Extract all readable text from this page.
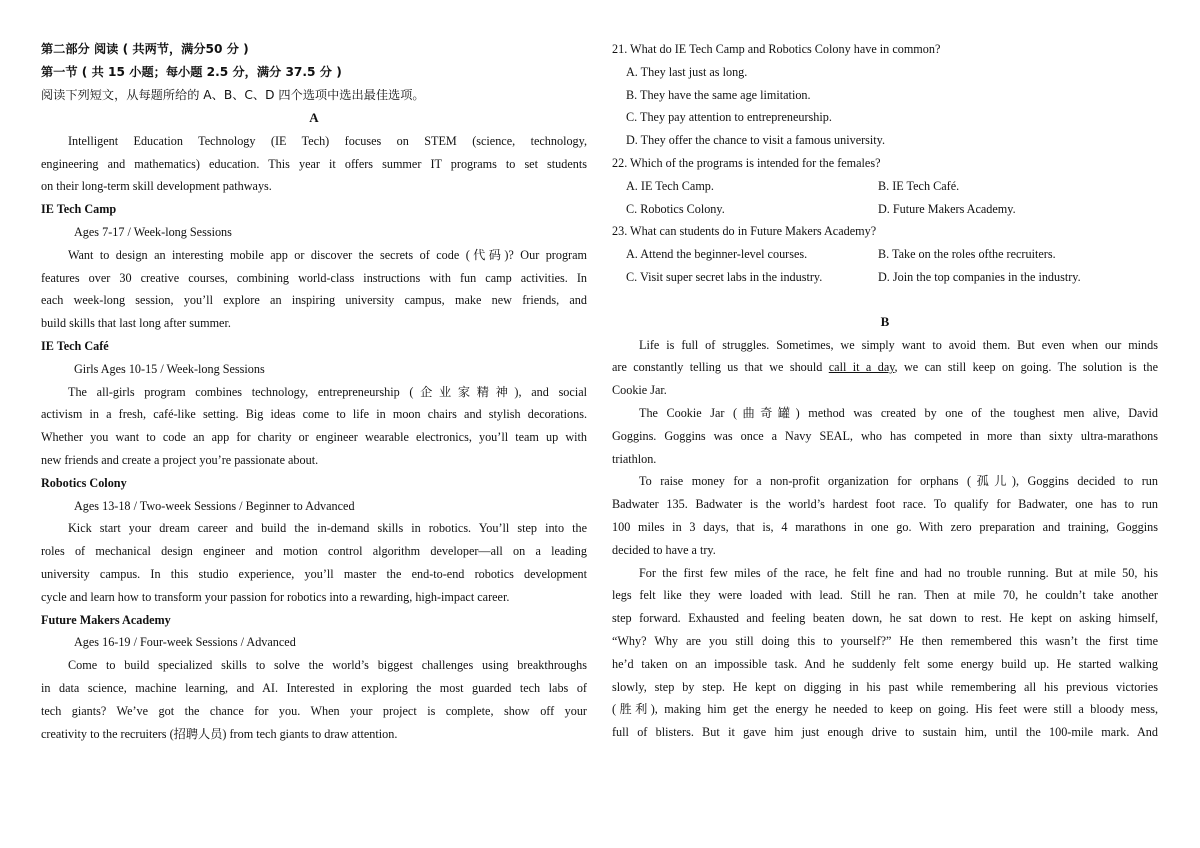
第二部分 阅读 ( 共两节，满分50 分 )
第一节 ( 共 15 小题；每小题 2.5 分，满分 37.5 分 )
阅读下列短文，从每题所给的 A、B、C、D 四个选项中选出最佳选项。
A
Intelligent Education Technology (IE Tech) focuses on STEM (science, technology,
engineering and mathematics) education. This year it offers summer IT programs to set students
on their long-term skill development pathways.
IE Tech Camp
Ages 7-17 / Week-long Sessions
Want to design an interesting mobile app or discover the secrets of code (代码)? Our program
features over 30 creative courses, combining world-class instructions with fun camp activities. In
each week-long session, you’ll explore an inspiring university campus, make new friends, and
build skills that last long after summer.
IE Tech Café
Girls Ages 10-15 / Week-long Sessions
The all-girls program combines technology, entrepreneurship (企业家精神), and social
activism in a fresh, café-like setting. Big ideas come to life in moon chairs and stylish decorations.
Whether you want to code an app for charity or engineer wearable electronics, you’ll team up with
new friends and create a project you’re passionate about.
Robotics Colony
Ages 13-18 / Two-week Sessions / Beginner to Advanced
Kick start your dream career and build the in-demand skills in robotics. You’ll step into the
roles of mechanical design engineer and motion control algorithm developer—all on a leading
university campus. In this studio experience, you’ll master the end-to-end robotics development
cycle and learn how to transform your passion for robotics into a rewarding, high-impact career.
Future Makers Academy
Ages 16-19 / Four-week Sessions / Advanced
Come to build specialized skills to solve the world’s biggest challenges using breakthroughs
in data science, machine learning, and AI. Interested in exploring the most guarded tech labs of
tech giants? We’ve got the chance for you. When your project is complete, show off your
creativity to the recruiters (招聘人员) from tech giants to draw attention.
21. What do IE Tech Camp and Robotics Colony have in common?
A. They last just as long.
B. They have the same age limitation.
C. They pay attention to entrepreneurship.
D. They offer the chance to visit a famous university.
22. Which of the programs is intended for the females?
A. IE Tech Camp.	B. IE Tech Café.
C. Robotics Colony.	D. Future Makers Academy.
23. What can students do in Future Makers Academy?
A. Attend the beginner-level courses.	B. Take on the roles ofthe recruiters.
C. Visit super secret labs in the industry.	D. Join the top companies in the industry.
B
Life is full of struggles. Sometimes, we simply want to avoid them. But even when our minds
are constantly telling us that we should call it a day, we can still keep on going. The solution is the
Cookie Jar.
The Cookie Jar (曲奇罐) method was created by one of the toughest men alive, David
Goggins. Goggins was once a Navy SEAL, who has competed in more than sixty ultra-marathons
triathlon.
To raise money for a non-profit organization for orphans (孤儿), Goggins decided to run
Badwater 135. Badwater is the world’s hardest foot race. To qualify for Badwater, one has to run
100 miles in 3 days, that is, 4 marathons in one go. With zero preparation and training, Goggins
decided to have a try.
For the first few miles of the race, he felt fine and had no trouble running. But at mile 50, his
legs felt like they were loaded with lead. Still he ran. Then at mile 70, he couldn’t take another
step forward. Exhausted and feeling beaten down, he sat down to rest. He kept on asking himself,
“Why? Why are you still doing this to yourself?” He then remembered this wasn’t the first time
he’d taken on an impossible task. And he suddenly felt some energy build up. He started walking
slowly, step by step. He kept on digging in his past while remembering all his previous victories
(胜利), making him get the energy he needed to keep on going. His feet were still a bloody mess,
full of blisters. But it gave him just enough drive to sustain him, until the 100-mile mark. And
